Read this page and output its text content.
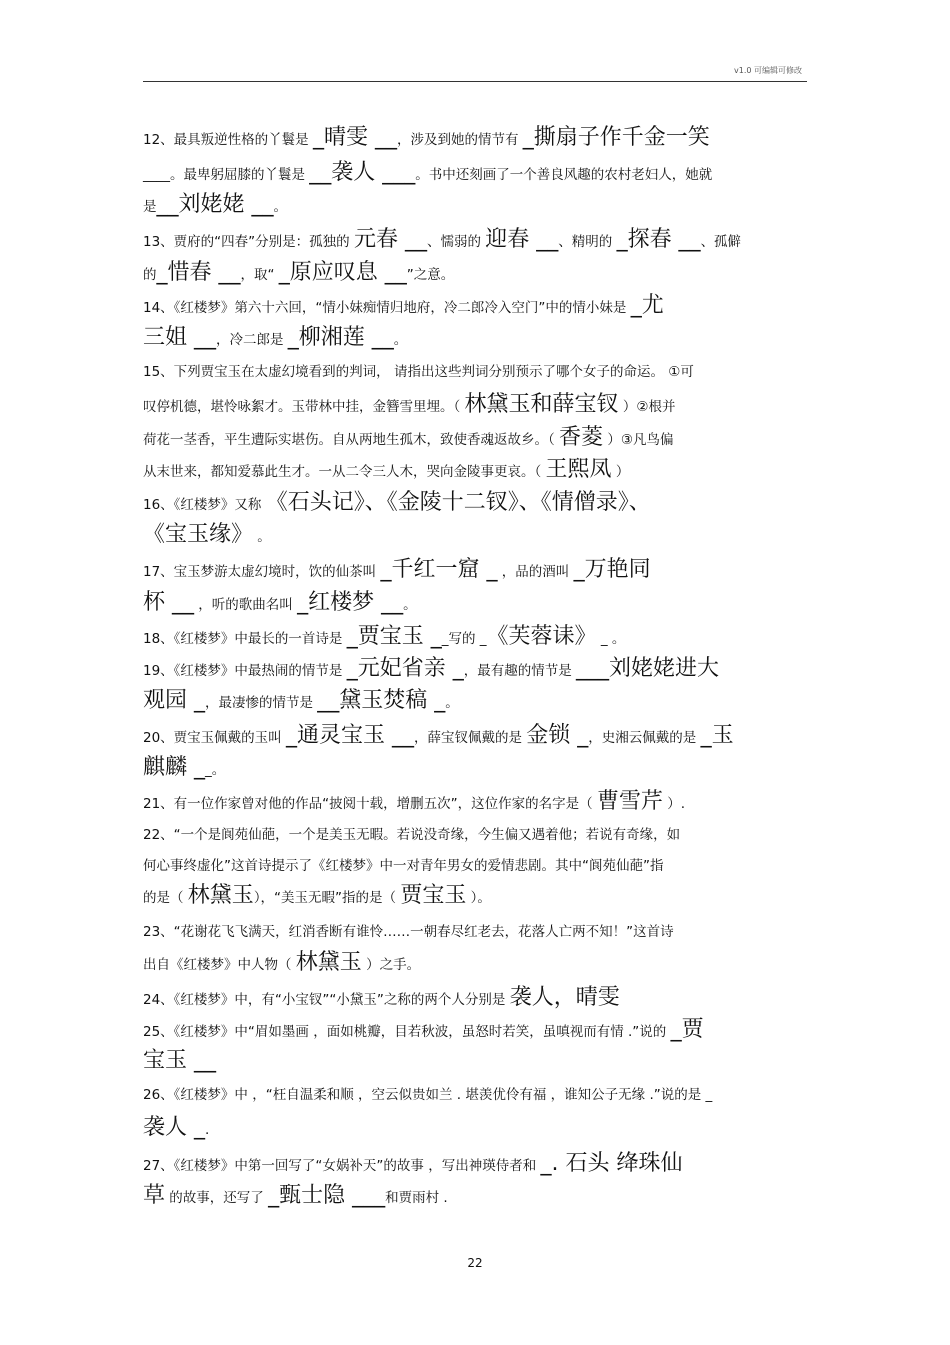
v1.0 可编辑可修改
12、最具叛逆性格的丫鬟是 _晴雯 __，涉及到她的情节有 _撕扇子作千金一笑
____。最卑躬屈膝的丫鬟是 __袭人 ___。书中还刻画了一个善良风趣的农村老妇人，她就
是__刘姥姥 __。
13、贾府的“四春”分别是：孤独的 元春 __、懦弱的 迎春 __、精明的 _探春 __、孤僻
的_惜春 __，取“ _原应叹息 __”之意。
14、《红楼梦》第六十六回，“情小妹痴情归地府，冷二郎冷入空门”中的情小妹是 _尤
三姐 __，冷二郎是 _柳湘莲 __。
15、下列贾宝玉在太虚幻境看到的判词， 请指出这些判词分别预示了哪个女子的命运。 ①可
叹停机德，堪怜咏絮才。玉带林中挂，金簪雪里埋。（ 林黛玉和薛宝钗 ）②根并
荷花一茎香，平生遭际实堪伤。自从两地生孤木，致使香魂返故乡。（ 香菱 ）③凡鸟偏
从末世来，都知爱慕此生才。一从二令三人木，哭向金陵事更哀。（ 王熙凤 ）
16、《红楼梦》又称 《石头记》、《金陵十二钗》、《情僧录》、
《宝玉缘》 。
17、宝玉梦游太虚幻境时，饮的仙茶叫 _千红一窟 _ ，品的酒叫 _万艳同
杯 __ ，听的歌曲名叫 _红楼梦 __。
18、《红楼梦》中最长的一首诗是 _贾宝玉 __写的 _《芙蓉诔》 _ 。
19、《红楼梦》中最热闹的情节是 _元妃省亲 _，最有趣的情节是 ___刘姥姥进大
观园 _，最凄惨的情节是 __黛玉焚稿 _。
20、贾宝玉佩戴的玉叫 _通灵宝玉 __，薛宝钗佩戴的是 金锁 _，史湘云佩戴的是 _玉
麒麟 __。
21、有一位作家曾对他的作品“披阅十载，增删五次”，这位作家的名字是（ 曹雪芹 ）.
22、“一个是阆苑仙葩，一个是美玉无暇。若说没奇缘，今生偏又遇着他；若说有奇缘，如
何心事终虚化”这首诗提示了《红楼梦》中一对青年男女的爱情悲剧。其中“阆苑仙葩”指
的是（ 林黛玉），“美玉无暇”指的是（ 贾宝玉 ）。
23、“花谢花飞飞满天，红消香断有谁怜……一朝春尽红老去，花落人亡两不知！”这首诗
出自《红楼梦》中人物（ 林黛玉 ）之手。
24、《红楼梦》中，有“小宝钗”“小黛玉”之称的两个人分别是 袭人，晴雯
25、《红楼梦》中“眉如墨画 ，面如桃瓣，目若秋波，虽怒时若笑，虽嗔视而有情 .”说的 _贾
宝玉 __
26、《红楼梦》中 ，“枉自温柔和顺 ，空云似贵如兰 . 堪羡优伶有福 ，谁知公子无缘 .”说的是 _
袭人 _.
27、《红楼梦》中第一回写了“女娲补天”的故事 ，写出神瑛侍者和 _. 石头 绛珠仙
草 的故事，还写了 _甄士隐 ___和贾雨村 .
22
